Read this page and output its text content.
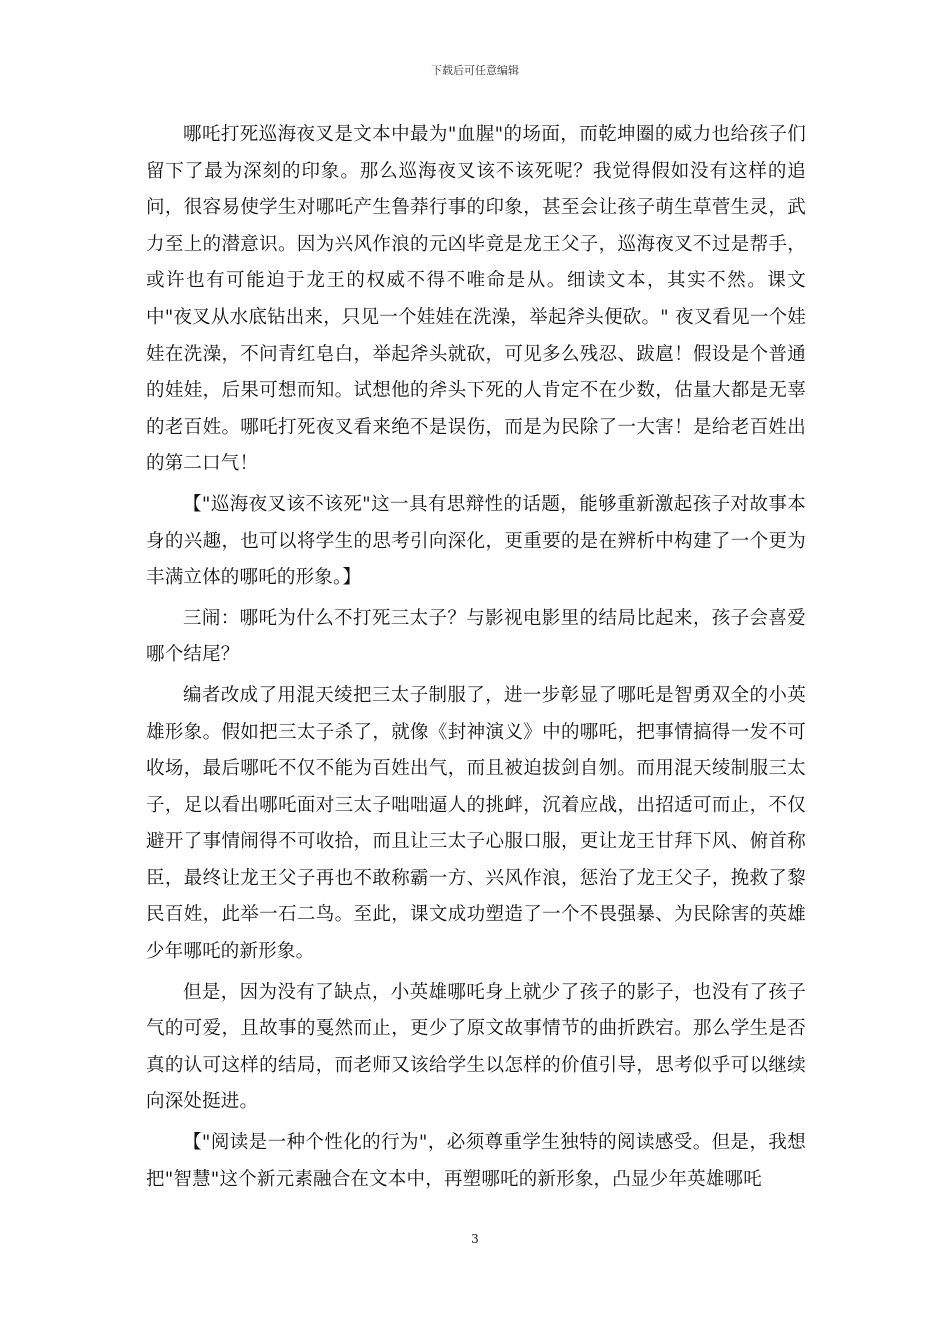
下载后可任意编辑

哪吒打死巡海夜叉是文本中最为"血腥"的场面，而乾坤圈的威力也给孩子们留下了最为深刻的印象。那么巡海夜叉该不该死呢？我觉得假如没有这样的追问，很容易使学生对哪吒产生鲁莽行事的印象，甚至会让孩子萌生草菅生灵，武力至上的潜意识。因为兴风作浪的元凶毕竟是龙王父子，巡海夜叉不过是帮手，或许也有可能迫于龙王的权威不得不唯命是从。细读文本，其实不然。课文中"夜叉从水底钻出来，只见一个娃娃在洗澡，举起斧头便砍。" 夜叉看见一个娃娃在洗澡，不问青红皂白，举起斧头就砍，可见多么残忍、跋扈！假设是个普通的娃娃，后果可想而知。试想他的斧头下死的人肯定不在少数，估量大都是无辜的老百姓。哪吒打死夜叉看来绝不是误伤，而是为民除了一大害！是给老百姓出的第二口气！

【"巡海夜叉该不该死"这一具有思辩性的话题，能够重新激起孩子对故事本身的兴趣，也可以将学生的思考引向深化，更重要的是在辨析中构建了一个更为丰满立体的哪吒的形象。】

三闹：哪吒为什么不打死三太子？与影视电影里的结局比起来，孩子会喜爱哪个结尾？

编者改成了用混天绫把三太子制服了，进一步彰显了哪吒是智勇双全的小英雄形象。假如把三太子杀了，就像《封神演义》中的哪吒，把事情搞得一发不可收场，最后哪吒不仅不能为百姓出气，而且被迫拔剑自刎。而用混天绫制服三太子，足以看出哪吒面对三太子咄咄逼人的挑衅，沉着应战，出招适可而止，不仅避开了事情闹得不可收拾，而且让三太子心服口服，更让龙王甘拜下风、俯首称臣，最终让龙王父子再也不敢称霸一方、兴风作浪，惩治了龙王父子，挽救了黎民百姓，此举一石二鸟。至此，课文成功塑造了一个不畏强暴、为民除害的英雄少年哪吒的新形象。

但是，因为没有了缺点，小英雄哪吒身上就少了孩子的影子，也没有了孩子气的可爱，且故事的戛然而止，更少了原文故事情节的曲折跌宕。那么学生是否真的认可这样的结局，而老师又该给学生以怎样的价值引导，思考似乎可以继续向深处挺进。

【"阅读是一种个性化的行为"，必须尊重学生独特的阅读感受。但是，我想把"智慧"这个新元素融合在文本中，再塑哪吒的新形象，凸显少年英雄哪吒

3
